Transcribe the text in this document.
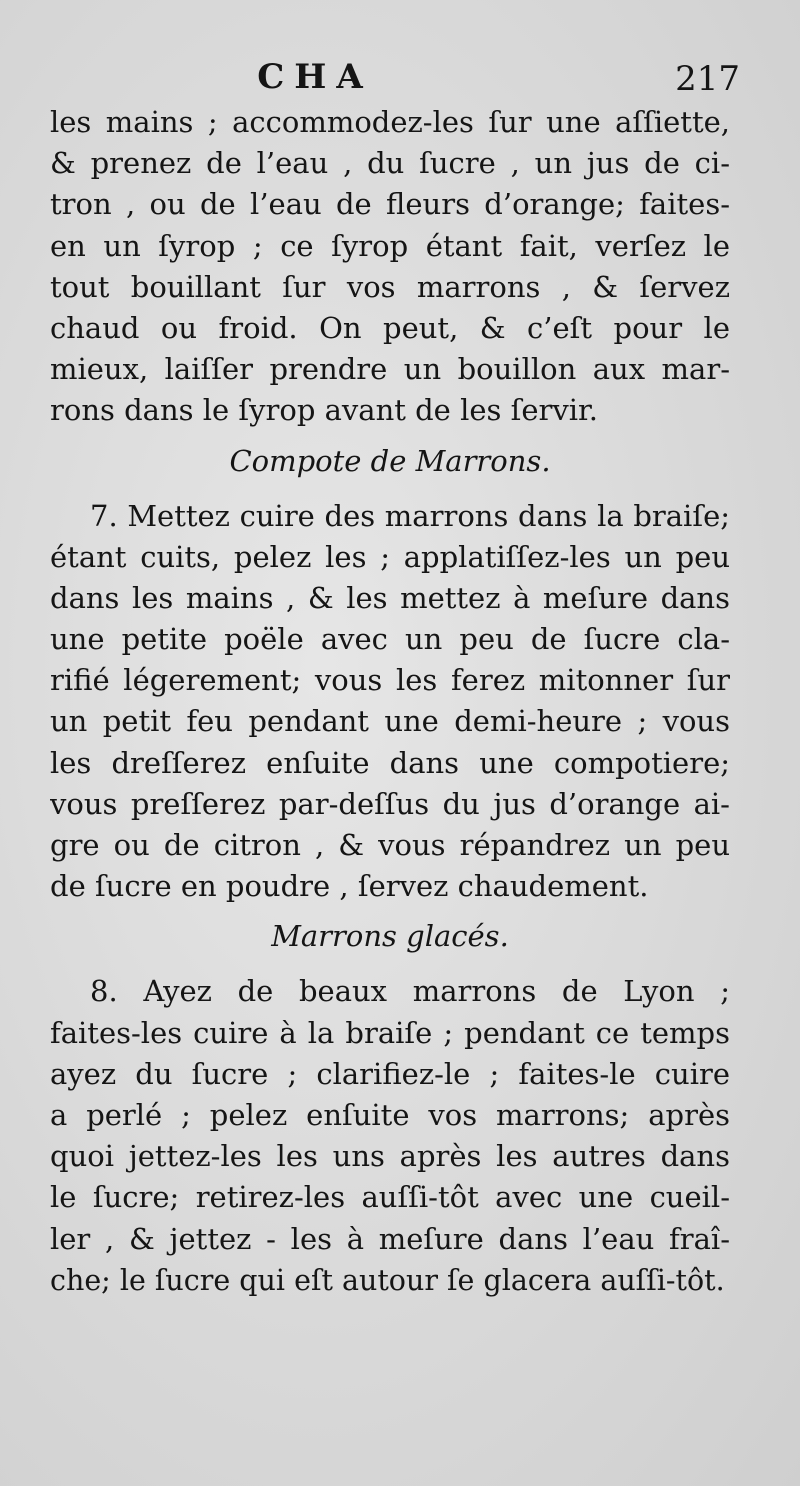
CHA	217
les mains ; accommodez-les ſur une aſſiette,
& prenez de l’eau , du ſucre , un jus de ci-
tron , ou de l’eau de fleurs d’orange; faites-
en un ſyrop ; ce ſyrop étant fait, verſez le
tout bouillant ſur vos marrons , & ſervez
chaud ou froid. On peut, & c’eſt pour le
mieux, laiſſer prendre un bouillon aux mar-
rons dans le ſyrop avant de les ſervir.
Compote de Marrons.
7. Mettez cuire des marrons dans la braiſe;
étant cuits, pelez les ; applatiſſez-les un peu
dans les mains , & les mettez à meſure dans
une petite poële avec un peu de ſucre cla-
rifié légerement; vous les ferez mitonner ſur
un petit feu pendant une demi-heure ; vous
les dreſſerez enſuite dans une compotiere;
vous preſſerez par-deſſus du jus d’orange ai-
gre ou de citron , & vous répandrez un peu
de ſucre en poudre , ſervez chaudement.
Marrons glacés.
8. Ayez de beaux marrons de Lyon ;
faites-les cuire à la braiſe ; pendant ce temps
ayez du ſucre ; clarifiez-le ; faites-le cuire
a perlé ; pelez enſuite vos marrons; après
quoi jettez-les les uns après les autres dans
le ſucre; retirez-les auſſi-tôt avec une cueil-
ler , & jettez - les à meſure dans l’eau fraî-
che; le ſucre qui eſt autour ſe glacera auſſi-tôt.
